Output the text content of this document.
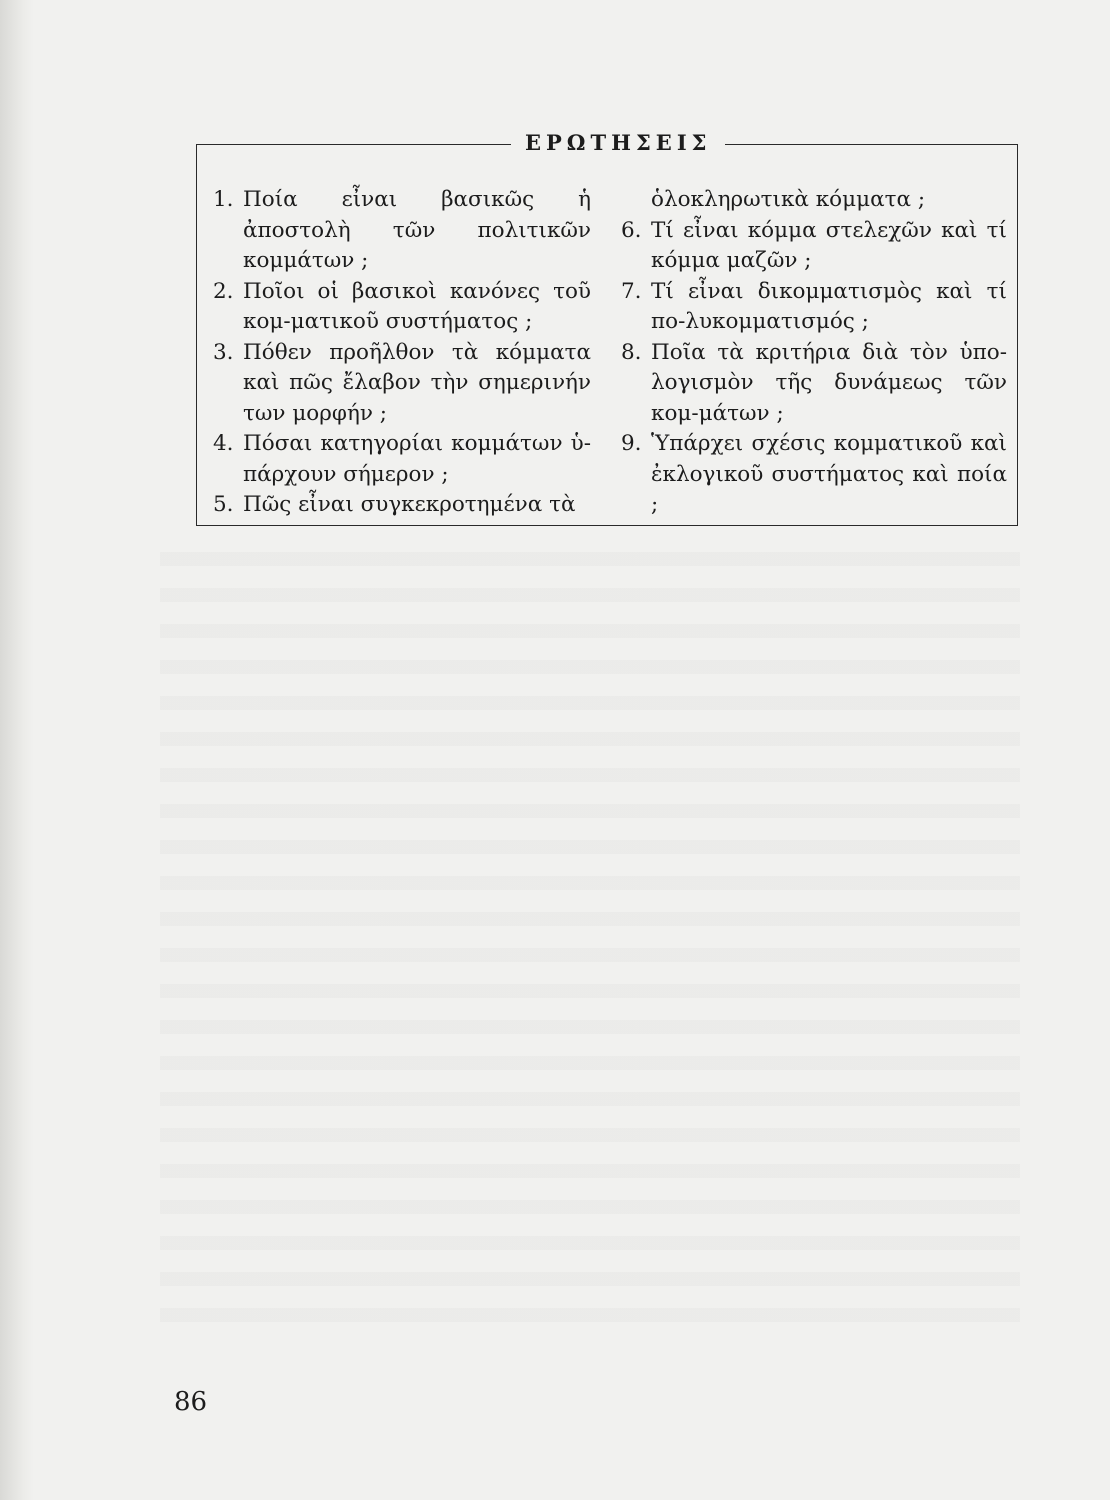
ΕΡΩΤΗΣΕΙΣ
1. Ποία εἶναι βασικῶς ἡ ἀποστολὴ τῶν πολιτικῶν κομμάτων ;
2. Ποῖοι οἱ βασικοὶ κανόνες τοῦ κομ-ματικοῦ συστήματος ;
3. Πόθεν προῆλθον τὰ κόμματα καὶ πῶς ἔλαβον τὴν σημερινήν των μορφήν ;
4. Πόσαι κατηγορίαι κομμάτων ὑ-πάρχουν σήμερον ;
5. Πῶς εἶναι συγκεκροτημένα τὰ
ὁλοκληρωτικὰ κόμματα ;
6. Τί εἶναι κόμμα στελεχῶν καὶ τί κόμμα μαζῶν ;
7. Τί εἶναι δικομματισμὸς καὶ τί πο-λυκομματισμός ;
8. Ποῖα τὰ κριτήρια διὰ τὸν ὑπο-λογισμὸν τῆς δυνάμεως τῶν κομ-μάτων ;
9. Ὑπάρχει σχέσις κομματικοῦ καὶ ἐκλογικοῦ συστήματος καὶ ποία ;
86
